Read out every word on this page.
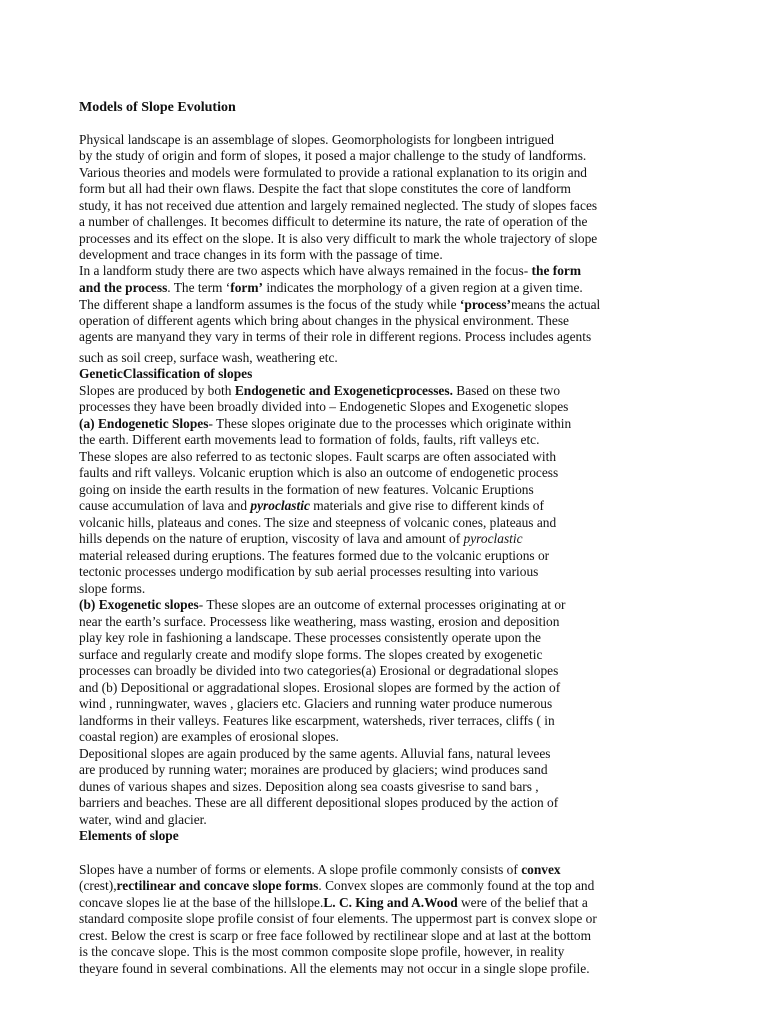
Models of Slope Evolution
Physical landscape is an assemblage of slopes. Geomorphologists for longbeen intrigued
by the study of origin and form of slopes, it posed a major challenge to the study of landforms.
Various theories and models were formulated to provide a rational explanation to its origin and
form but all had their own flaws. Despite the fact that slope constitutes the core of landform
study, it has not received due attention and largely remained neglected. The study of slopes faces
a number of challenges. It becomes difficult to determine its nature, the rate of operation of the
processes and its effect on the slope. It is also very difficult to mark the whole trajectory of slope
development and trace changes in its form with the passage of time.
In a landform study there are two aspects which have always remained in the focus- the form
and the process. The term ‘form’ indicates the morphology of a given region at a given time.
The different shape a landform assumes is the focus of the study while ‘process’means the actual
operation of different agents which bring about changes in the physical environment. These
agents are manyand they vary in terms of their role in different regions. Process includes agents
such as soil creep, surface wash, weathering etc.
GeneticClassification of slopes
Slopes are produced by both Endogenetic and Exogeneticprocesses. Based on these two
processes they have been broadly divided into – Endogenetic Slopes and Exogenetic slopes
(a) Endogenetic Slopes- These slopes originate due to the processes which originate within
the earth. Different earth movements lead to formation of folds, faults, rift valleys etc.
These slopes are also referred to as tectonic slopes. Fault scarps are often associated with
faults and rift valleys. Volcanic eruption which is also an outcome of endogenetic process
going on inside the earth results in the formation of new features. Volcanic Eruptions
cause accumulation of lava and pyroclastic materials and give rise to different kinds of
volcanic hills, plateaus and cones. The size and steepness of volcanic cones, plateaus and
hills depends on the nature of eruption, viscosity of lava and amount of pyroclastic
material released during eruptions. The features formed due to the volcanic eruptions or
tectonic processes undergo modification by sub aerial processes resulting into various
slope forms.
(b) Exogenetic slopes- These slopes are an outcome of external processes originating at or
near the earth’s surface. Processess like weathering, mass wasting, erosion and deposition
play key role in fashioning a landscape. These processes consistently operate upon the
surface and regularly create and modify slope forms. The slopes created by exogenetic
processes can broadly be divided into two categories(a) Erosional or degradational slopes
and (b) Depositional or aggradational slopes. Erosional slopes are formed by the action of
wind , runningwater, waves , glaciers etc. Glaciers and running water produce numerous
landforms in their valleys. Features like escarpment, watersheds, river terraces, cliffs ( in
coastal region) are examples of erosional slopes.
Depositional slopes are again produced by the same agents. Alluvial fans, natural levees
are produced by running water; moraines are produced by glaciers; wind produces sand
dunes of various shapes and sizes. Deposition along sea coasts givesrise to sand bars ,
barriers and beaches. These are all different depositional slopes produced by the action of
water, wind and glacier.
Elements of slope
Slopes have a number of forms or elements. A slope profile commonly consists of convex
(crest),rectilinear and concave slope forms. Convex slopes are commonly found at the top and
concave slopes lie at the base of the hillslope.L. C. King and A.Wood were of the belief that a
standard composite slope profile consist of four elements. The uppermost part is convex slope or
crest. Below the crest is scarp or free face followed by rectilinear slope and at last at the bottom
is the concave slope. This is the most common composite slope profile, however, in reality
theyare found in several combinations. All the elements may not occur in a single slope profile.
